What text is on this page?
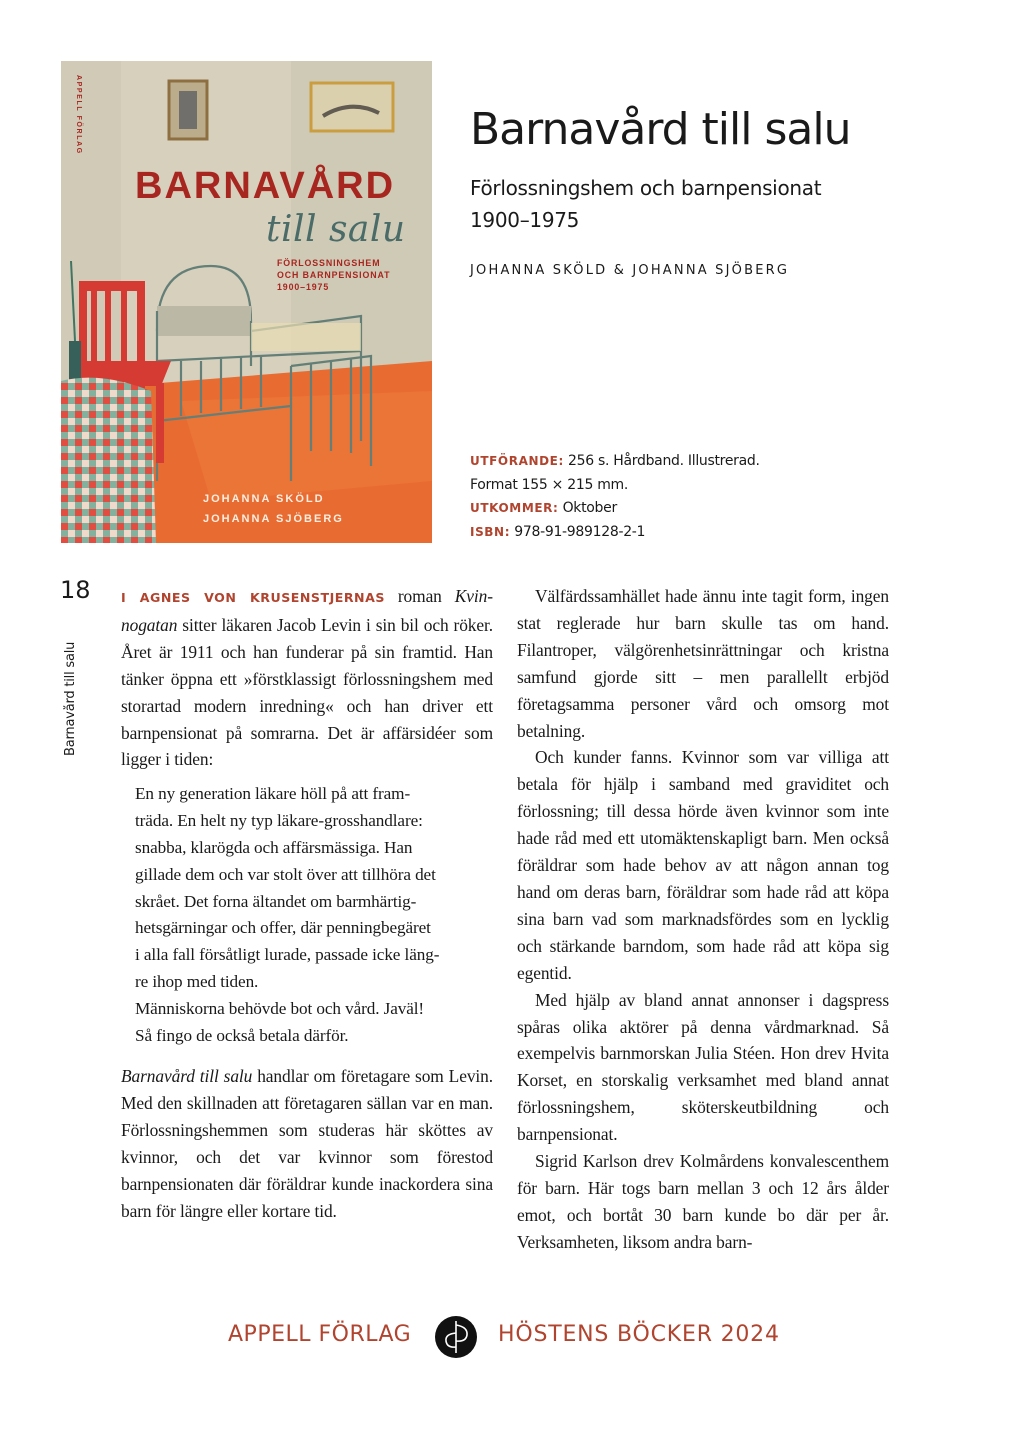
APPELL FÖRLAG
BARNAVÅRD
till salu
FÖRLOSSNINGSHEM
OCH BARNPENSIONAT
1900–1975
JOHANNA SKÖLD
JOHANNA SJÖBERG
Barnavård till salu
Förlossningshem och barnpensionat
1900–1975
JOHANNA SKÖLD & JOHANNA SJÖBERG
UTFÖRANDE: 256 s. Hårdband. Illustrerad.
Format 155 × 215 mm.
UTKOMMER: Oktober
ISBN: 978-91-989128-2-1
18
Barnavård till salu

I AGNES VON KRUSENSTJERNAS roman Kvinnogatan sitter läkaren Jacob Levin i sin bil och röker. Året är 1911 och han funderar på sin framtid. Han tänker öppna ett »förstklassigt förlossningshem med storartad modern inredning« och han driver ett barnpensionat på somrarna. Det är affärsidéer som ligger i tiden:

En ny generation läkare höll på att fram-
träda. En helt ny typ läkare-grosshandlare:
snabba, klarögda och affärsmässiga. Han
gillade dem och var stolt över att tillhöra det
skrået. Det forna ältandet om barmhärtig-
hetsgärningar och offer, där penningbegäret
i alla fall försåtligt lurade, passade icke läng-
re ihop med tiden.
Människorna behövde bot och vård. Javäl!
Så fingo de också betala därför.

Barnavård till salu handlar om företagare som Levin. Med den skillnaden att företagaren sällan var en man. Förlossningshemmen som studeras här sköttes av kvinnor, och det var kvinnor som förestod barnpensionaten där föräldrar kunde inackordera sina barn för längre eller kortare tid.

Välfärdssamhället hade ännu inte tagit form, ingen stat reglerade hur barn skulle tas om hand. Filantroper, välgörenhetsinrättningar och kristna samfund gjorde sitt – men parallellt erbjöd företagsamma personer vård och omsorg mot betalning.

Och kunder fanns. Kvinnor som var villiga att betala för hjälp i samband med graviditet och förlossning; till dessa hörde även kvinnor som inte hade råd med ett utomäktenskapligt barn. Men också föräldrar som hade behov av att någon annan tog hand om deras barn, föräldrar som hade råd att köpa sina barn vad som marknadsfördes som en lycklig och stärkande barndom, som hade råd att köpa sig egentid.

Med hjälp av bland annat annonser i dagspress spåras olika aktörer på denna vårdmarknad. Så exempelvis barnmorskan Julia Stéen. Hon drev Hvita Korset, en storskalig verksamhet med bland annat förlossningshem, sköterskeutbildning och barnpensionat.

Sigrid Karlson drev Kolmårdens konvalescenthem för barn. Här togs barn mellan 3 och 12 års ålder emot, och bortåt 30 barn kunde bo där per år. Verksamheten, liksom andra barn-

APPELL FÖRLAG	HÖSTENS BÖCKER 2024
